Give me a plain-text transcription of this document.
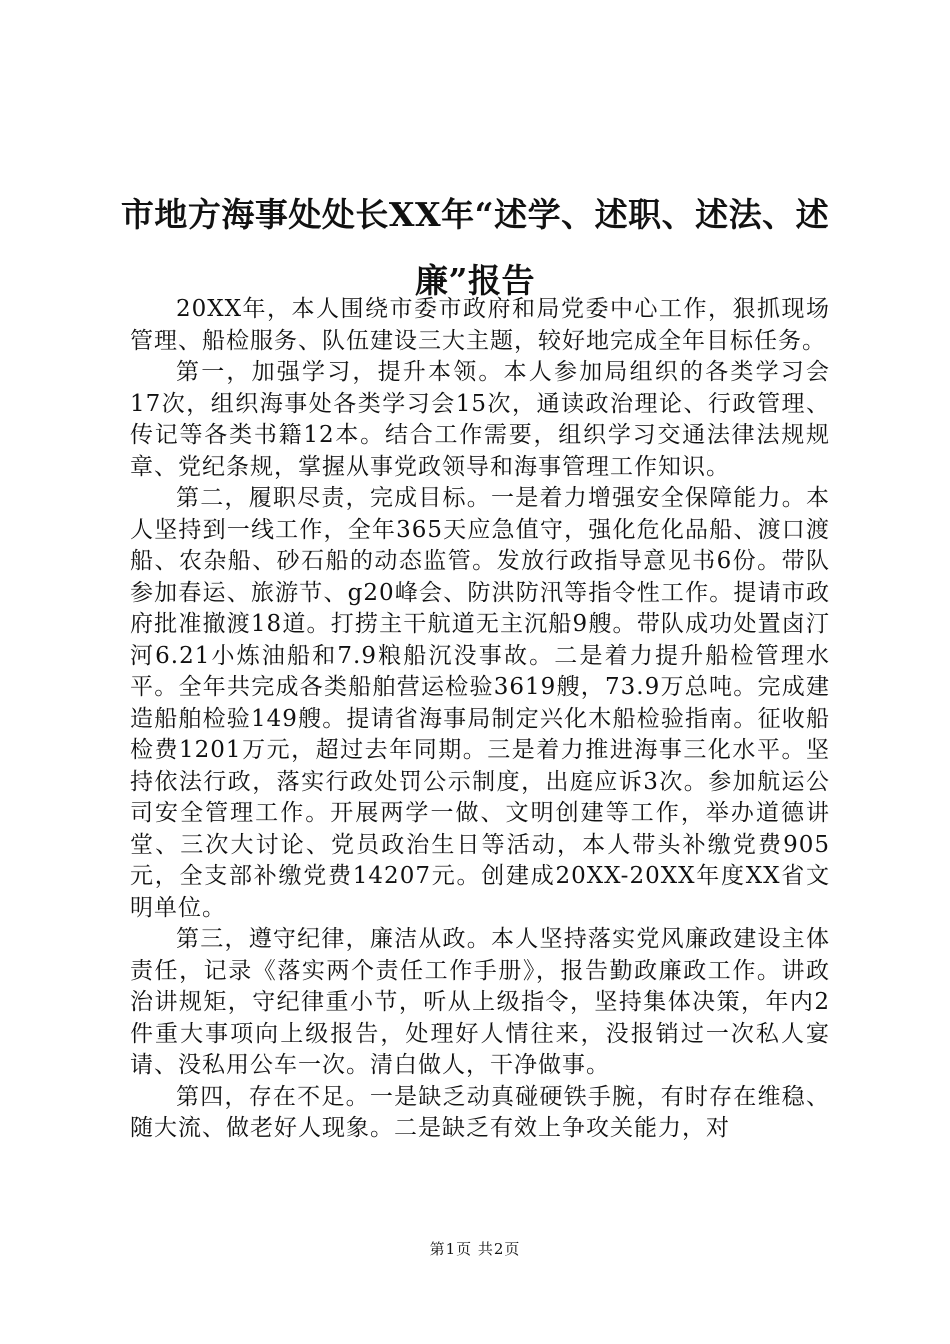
市地方海事处处长XX年“述学、述职、述法、述廉”报告

20XX年，本人围绕市委市政府和局党委中心工作，狠抓现场管理、船检服务、队伍建设三大主题，较好地完成全年目标任务。

第一，加强学习，提升本领。本人参加局组织的各类学习会17次，组织海事处各类学习会15次，通读政治理论、行政管理、传记等各类书籍12本。结合工作需要，组织学习交通法律法规规章、党纪条规，掌握从事党政领导和海事管理工作知识。

第二，履职尽责，完成目标。一是着力增强安全保障能力。本人坚持到一线工作，全年365天应急值守，强化危化品船、渡口渡船、农杂船、砂石船的动态监管。发放行政指导意见书6份。带队参加春运、旅游节、g20峰会、防洪防汛等指令性工作。提请市政府批准撤渡18道。打捞主干航道无主沉船9艘。带队成功处置卤汀河6.21小炼油船和7.9粮船沉没事故。二是着力提升船检管理水平。全年共完成各类船舶营运检验3619艘，73.9万总吨。完成建造船舶检验149艘。提请省海事局制定兴化木船检验指南。征收船检费1201万元，超过去年同期。三是着力推进海事三化水平。坚持依法行政，落实行政处罚公示制度，出庭应诉3次。参加航运公司安全管理工作。开展两学一做、文明创建等工作，举办道德讲堂、三次大讨论、党员政治生日等活动，本人带头补缴党费905元，全支部补缴党费14207元。创建成20XX-20XX年度XX省文明单位。

第三，遵守纪律，廉洁从政。本人坚持落实党风廉政建设主体责任，记录《落实两个责任工作手册》，报告勤政廉政工作。讲政治讲规矩，守纪律重小节，听从上级指令，坚持集体决策，年内2件重大事项向上级报告，处理好人情往来，没报销过一次私人宴请、没私用公车一次。清白做人，干净做事。

第四，存在不足。一是缺乏动真碰硬铁手腕，有时存在维稳、随大流、做老好人现象。二是缺乏有效上争攻关能力，对

第1页 共2页
